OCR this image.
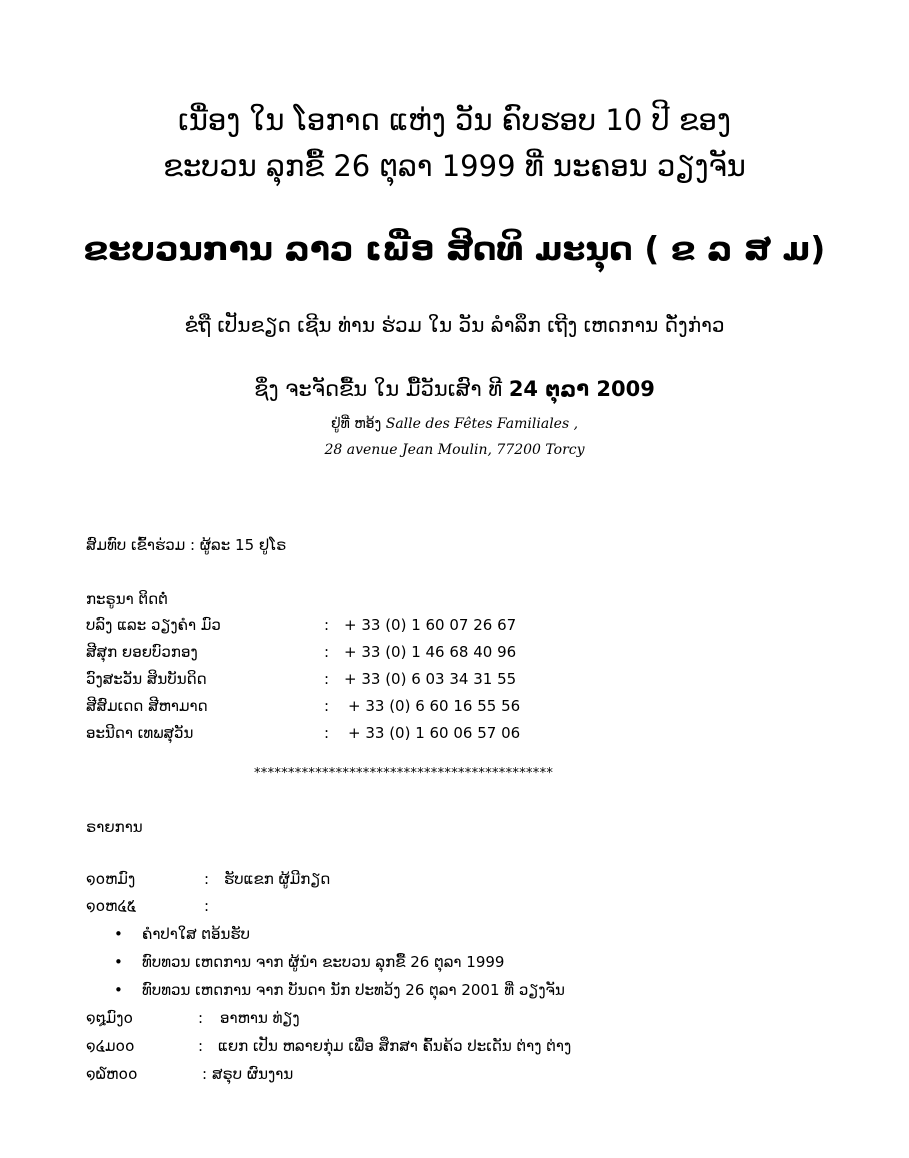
ເນື່ອງ ໃນ ໂອກາດ ແຫ່ງ ວັນ ຄົບຮອບ 10 ປີ ຂອງ
ຂະບວນ ລຸກຂື້ 26 ຕຸລາ 1999 ທີ່ ນະຄອນ ວຽງຈັນ
ຂະບວນການ ລາວ ເພື່ອ ສິດທິ ມະນຸດ ( ຂ ລ ສ ມ)
ຂໍຖື ເປັນຂຽດ ເຊີນ ທ່ານ ຮ່ວມ ໃນ ວັນ ລໍາລຶກ ເຖີງ ເຫດການ ດັ່ງກ່າວ
ຊຶ່ງ ຈະຈັດຂື້ນ ໃນ ມື້ວັນເສົາ ທີ 24 ຕຸລາ 2009
ຢູ່ທີ່ ຫອ້ງ Salle des Fêtes Familiales ,
28 avenue Jean Moulin, 77200 Torcy
ສົມທົບ ເຂົ້າຮ່ວມ : ຜູ້ລະ 15 ຢູໂຣ
ກະຣູນາ ຕິດຕໍ່
ບລົງ ແລະ ວຽງຄໍາ ມົວ	: + 33 (0) 1 60 07 26 67
ສີສຸກ ຍອຍບົວກອງ	: + 33 (0) 1 46 68 40 96
ວົງສະວັນ ສິນບັນດິດ	: + 33 (0) 6 03 34 31 55
ສີສົມເດດ ສີຫາມາດ	: + 33 (0) 6 60 16 55 56
ອະນີດາ ເທພສຸວັນ	: + 33 (0) 1 60 06 57 06
********************************************
ຣາຍການ
໑໐ຫມົງ	: ຮັບແຂກ ຜູ້ມີກຽດ
໑໐ຫ໔໕	:
• ຄໍາປາໃສ ຕອ້ນຮັບ
• ທົບທວນ ເຫດການ ຈາກ ຜູ້ນໍາ ຂະບວນ ລຸກຂື້ 26 ຕຸລາ 1999
• ທົບທວນ ເຫດການ ຈາກ ບັນດາ ນັກ ປະທວ້ງ 26 ຕຸລາ 2001 ທີ່ ວຽງຈັນ
໑໘ມົງ໐	: ອາຫານ ທ່ຽງ
໑໔ມ໐໐	: ແຍກ ເປັນ ຫລາຍກຸ່ມ ເພື່ອ ສຶກສາ ຄົ້ນຄ້ວ ປະເດັນ ຕ່າງ ຕ່າງ
໑໖ຫ໐໐	: ສຣຸບ ຜົນງານ
